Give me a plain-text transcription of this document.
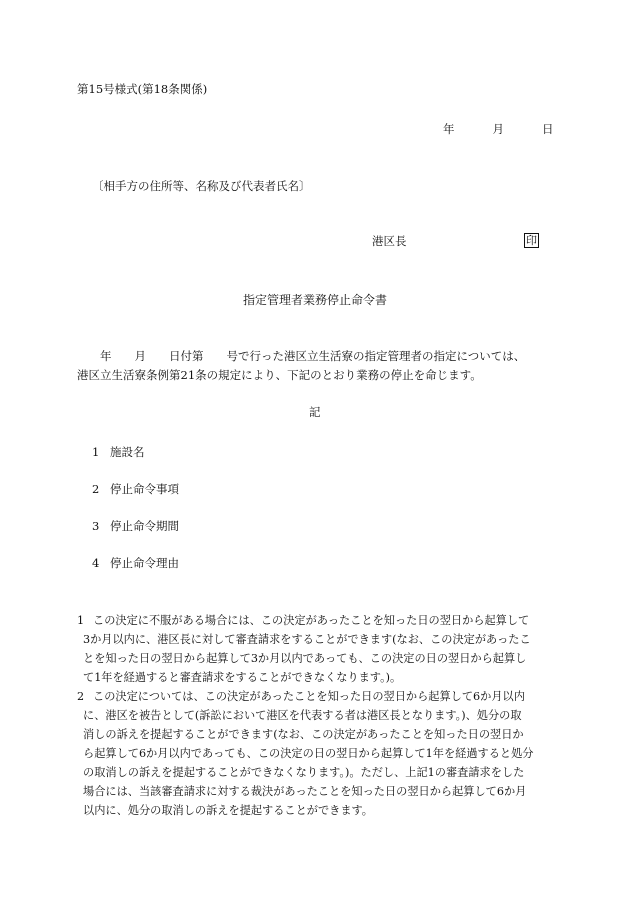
第15号様式(第18条関係)
年	月	日
〔相手方の住所等、名称及び代表者氏名〕
港区長	印
指定管理者業務停止命令書
　　年　　月　　日付第　　号で行った港区立生活寮の指定管理者の指定については、
港区立生活寮条例第21条の規定により、下記のとおり業務の停止を命じます。
記
1 施設名
2 停止命令事項
3 停止命令期間
4 停止命令理由
1 この決定に不服がある場合には、この決定があったことを知った日の翌日から起算して
3か月以内に、港区長に対して審査請求をすることができます(なお、この決定があったこ
とを知った日の翌日から起算して3か月以内であっても、この決定の日の翌日から起算し
て1年を経過すると審査請求をすることができなくなります。)。
2 この決定については、この決定があったことを知った日の翌日から起算して6か月以内
に、港区を被告として(訴訟において港区を代表する者は港区長となります。)、処分の取
消しの訴えを提起することができます(なお、この決定があったことを知った日の翌日か
ら起算して6か月以内であっても、この決定の日の翌日から起算して1年を経過すると処分
の取消しの訴えを提起することができなくなります。)。ただし、上記1の審査請求をした
場合には、当該審査請求に対する裁決があったことを知った日の翌日から起算して6か月
以内に、処分の取消しの訴えを提起することができます。
